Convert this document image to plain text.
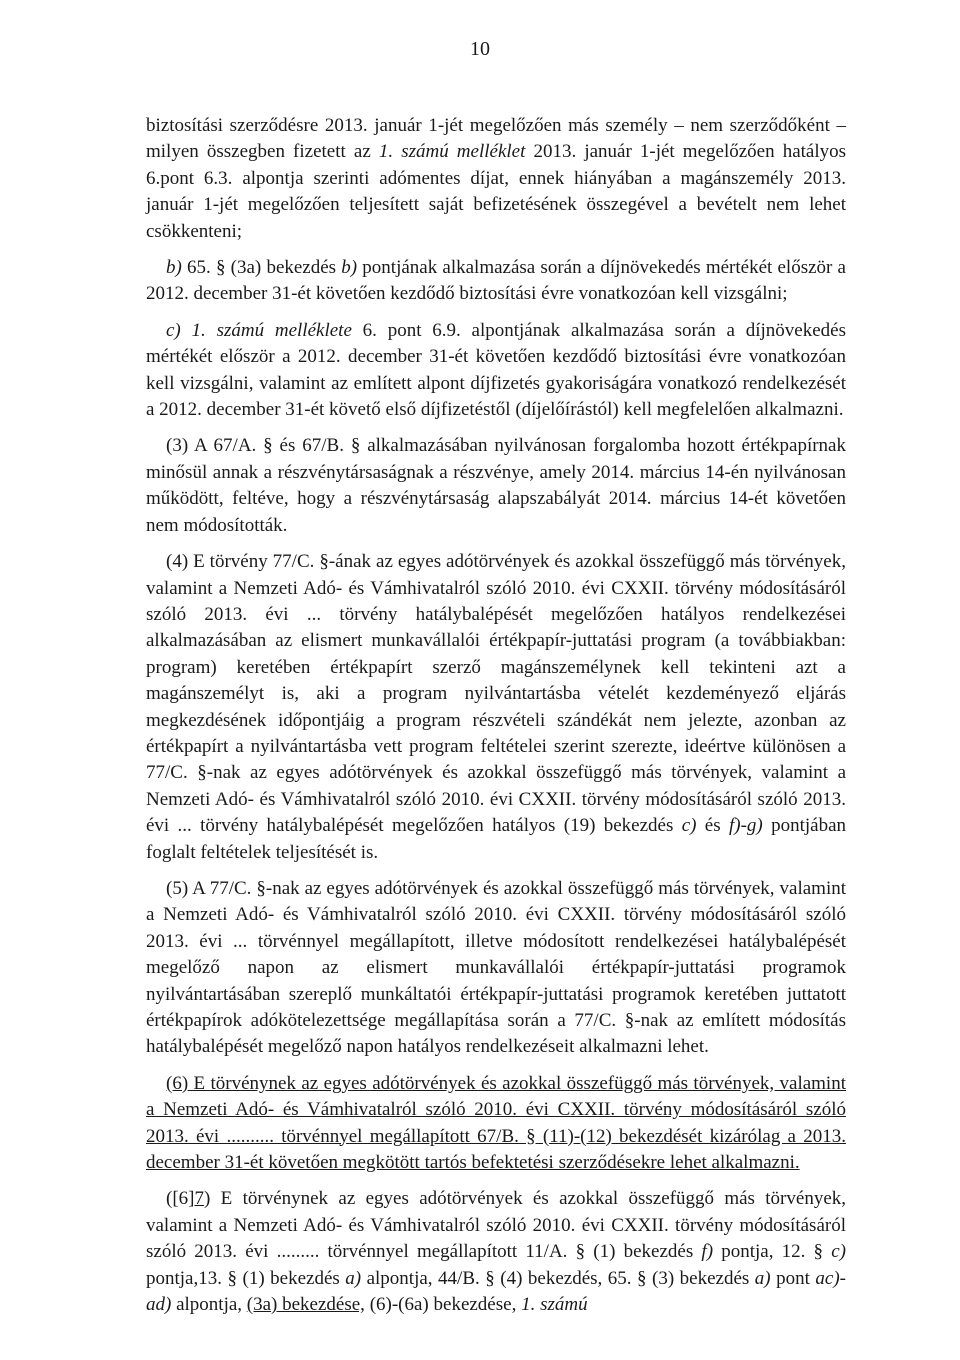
10

biztosítási szerződésre 2013. január 1-jét megelőzően más személy – nem szerződőként – milyen összegben fizetett az 1. számú melléklet 2013. január 1-jét megelőzően hatályos 6.pont 6.3. alpontja szerinti adómentes díjat, ennek hiányában a magánszemély 2013. január 1-jét megelőzően teljesített saját befizetésének összegével a bevételt nem lehet csökkenteni;

b) 65. § (3a) bekezdés b) pontjának alkalmazása során a díjnövekedés mértékét először a 2012. december 31-ét követően kezdődő biztosítási évre vonatkozóan kell vizsgálni;

c) 1. számú melléklete 6. pont 6.9. alpontjának alkalmazása során a díjnövekedés mértékét először a 2012. december 31-ét követően kezdődő biztosítási évre vonatkozóan kell vizsgálni, valamint az említett alpont díjfizetés gyakoriságára vonatkozó rendelkezését a 2012. december 31-ét követő első díjfizetéstől (díjelőírástól) kell megfelelően alkalmazni.

(3) A 67/A. § és 67/B. § alkalmazásában nyilvánosan forgalomba hozott értékpapírnak minősül annak a részvénytársaságnak a részvénye, amely 2014. március 14-én nyilvánosan működött, feltéve, hogy a részvénytársaság alapszabályát 2014. március 14-ét követően nem módosították.

(4) E törvény 77/C. §-ának az egyes adótörvények és azokkal összefüggő más törvények, valamint a Nemzeti Adó- és Vámhivatalról szóló 2010. évi CXXII. törvény módosításáról szóló 2013. évi ... törvény hatálybalépését megelőzően hatályos rendelkezései alkalmazásában az elismert munkavállalói értékpapír-juttatási program (a továbbiakban: program) keretében értékpapírt szerző magánszemélynek kell tekinteni azt a magánszemélyt is, aki a program nyilvántartásba vételét kezdeményező eljárás megkezdésének időpontjáig a program részvételi szándékát nem jelezte, azonban az értékpapírt a nyilvántartásba vett program feltételei szerint szerezte, ideértve különösen a 77/C. §-nak az egyes adótörvények és azokkal összefüggő más törvények, valamint a Nemzeti Adó- és Vámhivatalról szóló 2010. évi CXXII. törvény módosításáról szóló 2013. évi ... törvény hatálybalépését megelőzően hatályos (19) bekezdés c) és f)-g) pontjában foglalt feltételek teljesítését is.

(5) A 77/C. §-nak az egyes adótörvények és azokkal összefüggő más törvények, valamint a Nemzeti Adó- és Vámhivatalról szóló 2010. évi CXXII. törvény módosításáról szóló 2013. évi ... törvénnyel megállapított, illetve módosított rendelkezései hatálybalépését megelőző napon az elismert munkavállalói értékpapír-juttatási programok nyilvántartásában szereplő munkáltatói értékpapír-juttatási programok keretében juttatott értékpapírok adókötelezettsége megállapítása során a 77/C. §-nak az említett módosítás hatálybalépését megelőző napon hatályos rendelkezéseit alkalmazni lehet.

(6) E törvénynek az egyes adótörvények és azokkal összefüggő más törvények, valamint a Nemzeti Adó- és Vámhivatalról szóló 2010. évi CXXII. törvény módosításáról szóló 2013. évi .......... törvénnyel megállapított 67/B. § (11)-(12) bekezdését kizárólag a 2013. december 31-ét követően megkötött tartós befektetési szerződésekre lehet alkalmazni.

([6]7) E törvénynek az egyes adótörvények és azokkal összefüggő más törvények, valamint a Nemzeti Adó- és Vámhivatalról szóló 2010. évi CXXII. törvény módosításáról szóló 2013. évi ......... törvénnyel megállapított 11/A. § (1) bekezdés f) pontja, 12. § c) pontja,13. § (1) bekezdés a) alpontja, 44/B. § (4) bekezdés, 65. § (3) bekezdés a) pont ac)-ad) alpontja, (3a) bekezdése, (6)-(6a) bekezdése, 1. számú
